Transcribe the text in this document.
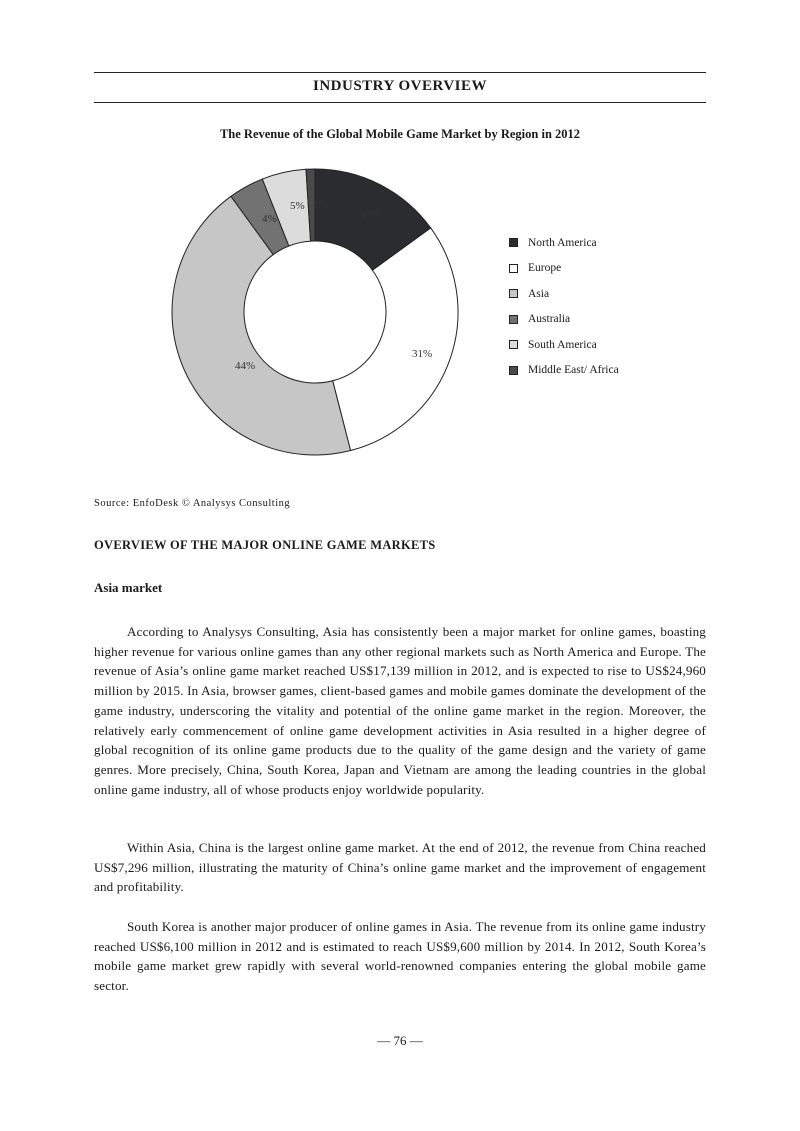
INDUSTRY OVERVIEW
The Revenue of the Global Mobile Game Market by Region in 2012
15%
31%
44%
4%
5% 1%
North America
Europe
Asia
Australia
South America
Middle East/ Africa
Source: EnfoDesk © Analysys Consulting
OVERVIEW OF THE MAJOR ONLINE GAME MARKETS
Asia market

According to Analysys Consulting, Asia has consistently been a major market for online games, boasting higher revenue for various online games than any other regional markets such as North America and Europe. The revenue of Asia’s online game market reached US$17,139 million in 2012, and is expected to rise to US$24,960 million by 2015. In Asia, browser games, client-based games and mobile games dominate the development of the game industry, underscoring the vitality and potential of the online game market in the region. Moreover, the relatively early commencement of online game development activities in Asia resulted in a higher degree of global recognition of its online game products due to the quality of the game design and the variety of game genres. More precisely, China, South Korea, Japan and Vietnam are among the leading countries in the global online game industry, all of whose products enjoy worldwide popularity.

Within Asia, China is the largest online game market. At the end of 2012, the revenue from China reached US$7,296 million, illustrating the maturity of China’s online game market and the improvement of engagement and profitability.

South Korea is another major producer of online games in Asia. The revenue from its online game industry reached US$6,100 million in 2012 and is estimated to reach US$9,600 million by 2014. In 2012, South Korea’s mobile game market grew rapidly with several world-renowned companies entering the global mobile game sector.

— 76 —
